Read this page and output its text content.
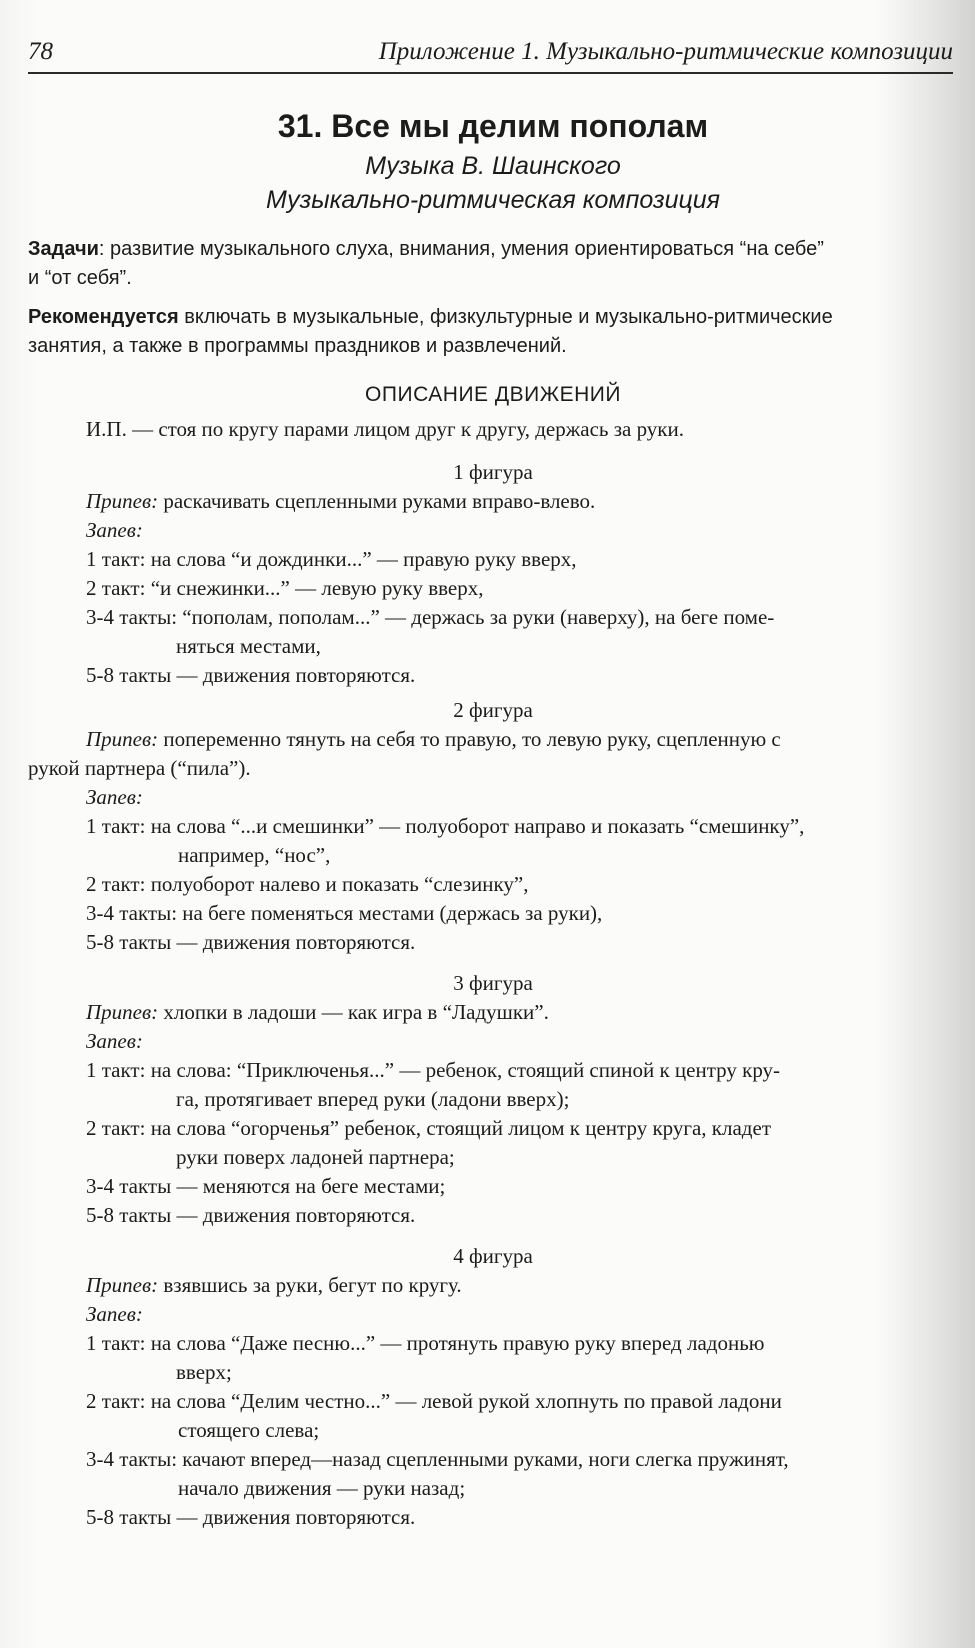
78	Приложение 1. Музыкально-ритмические композиции
31. Все мы делим пополам
Музыка В. Шаинского
Музыкально-ритмическая композиция

Задачи: развитие музыкального слуха, внимания, умения ориентироваться “на себе”

и “от себя”.

Рекомендуется включать в музыкальные, физкультурные и музыкально-ритмические

занятия, а также в программы праздников и развлечений.

ОПИСАНИЕ ДВИЖЕНИЙ
И.П. — стоя по кругу парами лицом друг к другу, держась за руки.
1 фигура
Припев: раскачивать сцепленными руками вправо-влево.
Запев:
1 такт: на слова “и дождинки...” — правую руку вверх,
2 такт: “и снежинки...” — левую руку вверх,
3-4 такты: “пополам, пополам...” — держась за руки (наверху), на беге поме-
няться местами,
5-8 такты — движения повторяются.
2 фигура
Припев: попеременно тянуть на себя то правую, то левую руку, сцепленную с
рукой партнера (“пила”).
Запев:
1 такт: на слова “...и смешинки” — полуоборот направо и показать “смешинку”,
например, “нос”,
2 такт: полуоборот налево и показать “слезинку”,
3-4 такты: на беге поменяться местами (держась за руки),
5-8 такты — движения повторяются.
3 фигура
Припев: хлопки в ладоши — как игра в “Ладушки”.
Запев:
1 такт: на слова: “Приключенья...” — ребенок, стоящий спиной к центру кру-
га, протягивает вперед руки (ладони вверх);
2 такт: на слова “огорченья” ребенок, стоящий лицом к центру круга, кладет
руки поверх ладоней партнера;
3-4 такты — меняются на беге местами;
5-8 такты — движения повторяются.
4 фигура
Припев: взявшись за руки, бегут по кругу.
Запев:
1 такт: на слова “Даже песню...” — протянуть правую руку вперед ладонью
вверх;
2 такт: на слова “Делим честно...” — левой рукой хлопнуть по правой ладони
стоящего слева;
3-4 такты: качают вперед—назад сцепленными руками, ноги слегка пружинят,
начало движения — руки назад;
5-8 такты — движения повторяются.
